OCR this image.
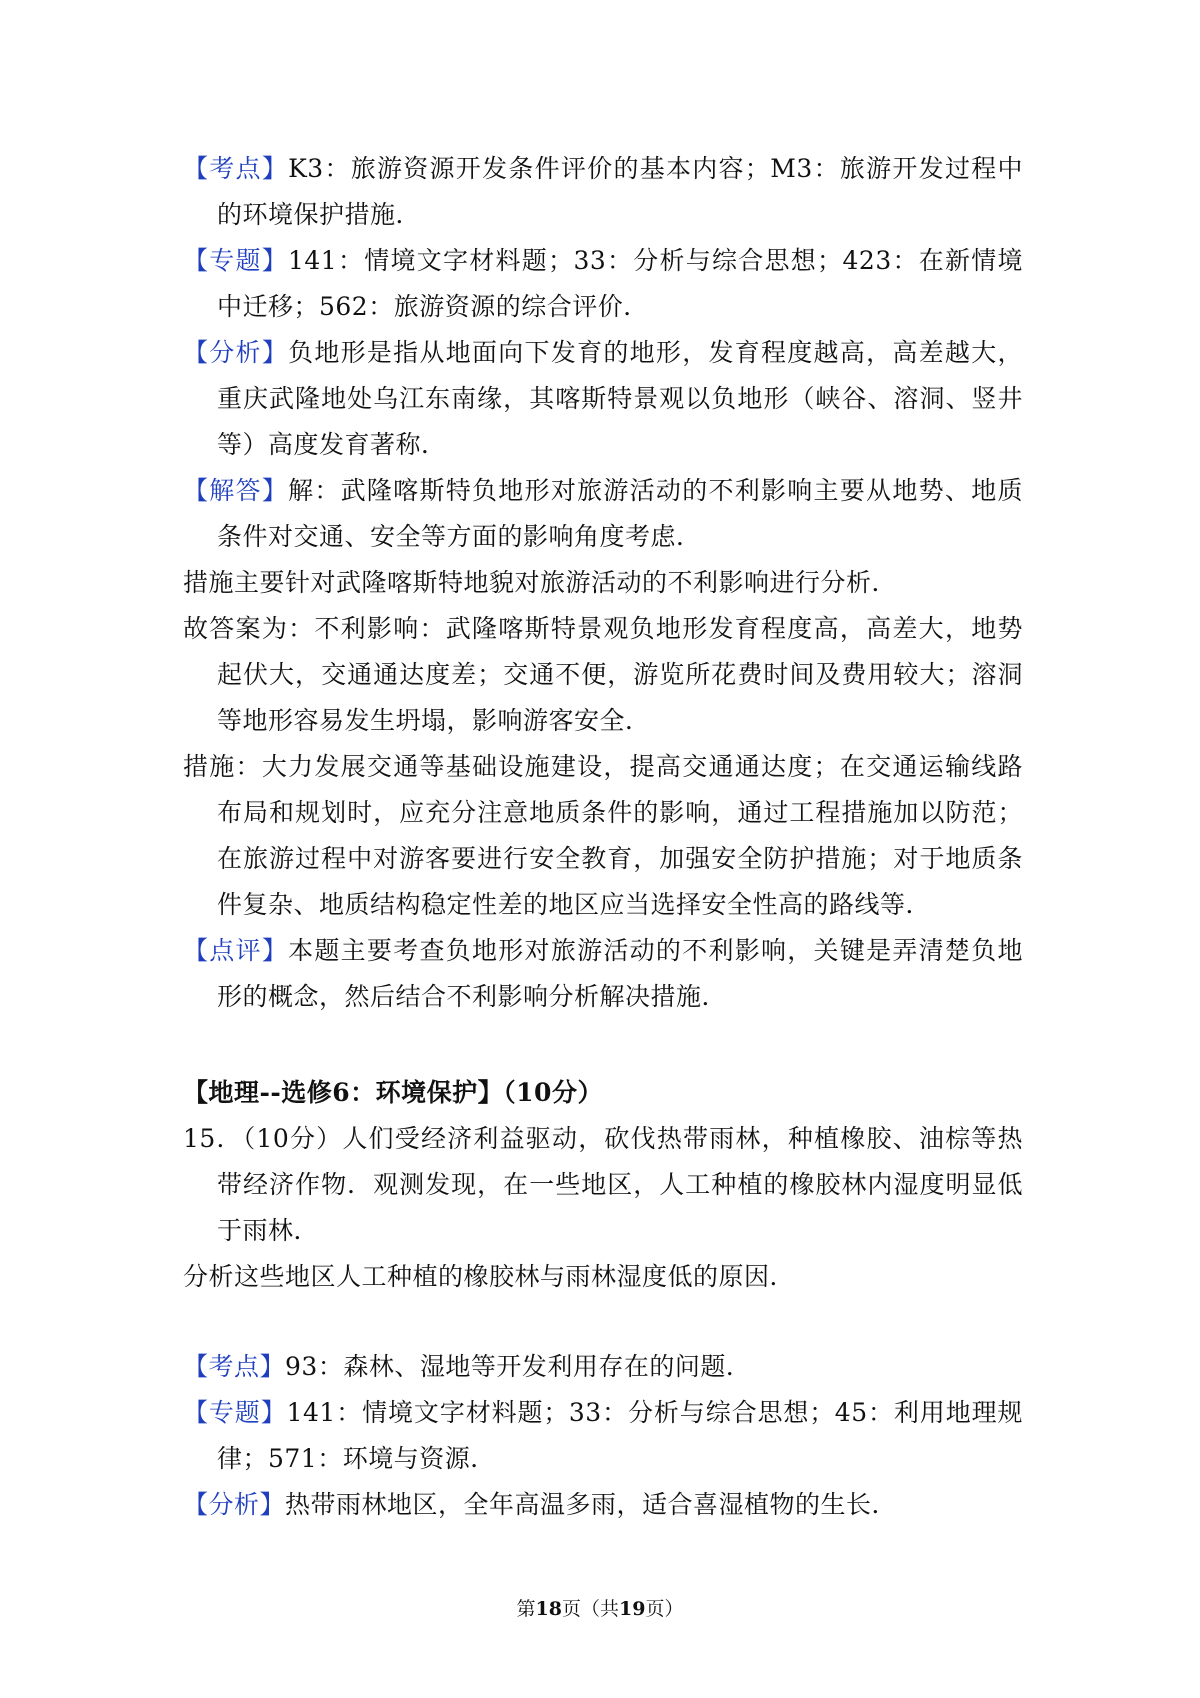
【考点】K3：旅游资源开发条件评价的基本内容；M3：旅游开发过程中的环境保护措施．

【专题】141：情境文字材料题；33：分析与综合思想；423：在新情境中迁移；562：旅游资源的综合评价．

【分析】负地形是指从地面向下发育的地形，发育程度越高，高差越大，重庆武隆地处乌江东南缘，其喀斯特景观以负地形（峡谷、溶洞、竖井等）高度发育著称．

【解答】解：武隆喀斯特负地形对旅游活动的不利影响主要从地势、地质条件对交通、安全等方面的影响角度考虑．

措施主要针对武隆喀斯特地貌对旅游活动的不利影响进行分析．

故答案为：不利影响：武隆喀斯特景观负地形发育程度高，高差大，地势起伏大，交通通达度差；交通不便，游览所花费时间及费用较大；溶洞等地形容易发生坍塌，影响游客安全．

措施：大力发展交通等基础设施建设，提高交通通达度；在交通运输线路布局和规划时，应充分注意地质条件的影响，通过工程措施加以防范；在旅游过程中对游客要进行安全教育，加强安全防护措施；对于地质条件复杂、地质结构稳定性差的地区应当选择安全性高的路线等．

【点评】本题主要考查负地形对旅游活动的不利影响，关键是弄清楚负地形的概念，然后结合不利影响分析解决措施．

【地理--选修6：环境保护】（10分）

15．（10分）人们受经济利益驱动，砍伐热带雨林，种植橡胶、油棕等热带经济作物．观测发现，在一些地区，人工种植的橡胶林内湿度明显低于雨林．

分析这些地区人工种植的橡胶林与雨林湿度低的原因．

【考点】93：森林、湿地等开发利用存在的问题．

【专题】141：情境文字材料题；33：分析与综合思想；45：利用地理规律；571：环境与资源．

【分析】热带雨林地区，全年高温多雨，适合喜湿植物的生长．

第18页（共19页）
